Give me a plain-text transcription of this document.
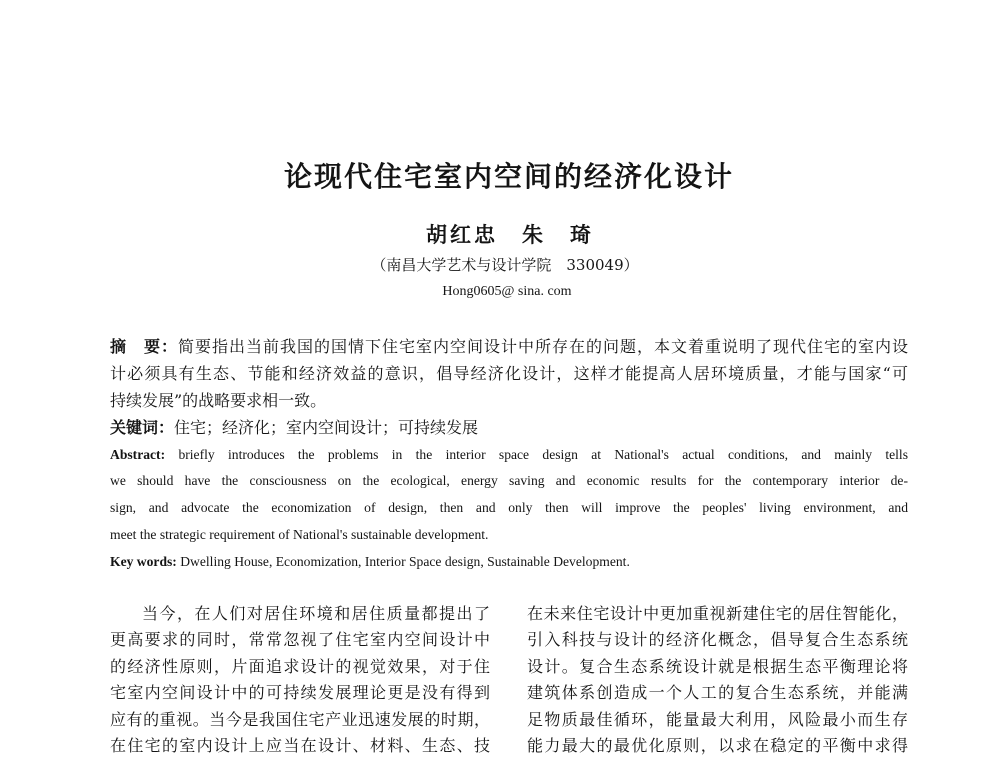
论现代住宅室内空间的经济化设计
胡红忠　朱　琦
（南昌大学艺术与设计学院　330049）
Hong0605@ sina. com
摘　要：简要指出当前我国的国情下住宅室内空间设计中所存在的问题，本文着重说明了现代住宅的室内设
计必须具有生态、节能和经济效益的意识，倡导经济化设计，这样才能提高人居环境质量，才能与国家“可
持续发展”的战略要求相一致。
关键词：住宅；经济化；室内空间设计；可持续发展
Abstract: briefly introduces the problems in the interior space design at National's actual conditions, and mainly tells
we should have the consciousness on the ecological, energy saving and economic results for the contemporary interior de-
sign, and advocate the economization of design, then and only then will improve the peoples' living environment, and
meet the strategic requirement of National's sustainable development.
Key words: Dwelling House, Economization, Interior Space design, Sustainable Development.
当今，在人们对居住环境和居住质量都提出了
更高要求的同时，常常忽视了住宅室内空间设计中
的经济性原则，片面追求设计的视觉效果，对于住
宅室内空间设计中的可持续发展理论更是没有得到
应有的重视。当今是我国住宅产业迅速发展的时期，
在住宅的室内设计上应当在设计、材料、生态、技
在未来住宅设计中更加重视新建住宅的居住智能化，
引入科技与设计的经济化概念，倡导复合生态系统
设计。复合生态系统设计就是根据生态平衡理论将
建筑体系创造成一个人工的复合生态系统，并能满
足物质最佳循环，能量最大利用，风险最小而生存
能力最大的最优化原则，以求在稳定的平衡中求得
